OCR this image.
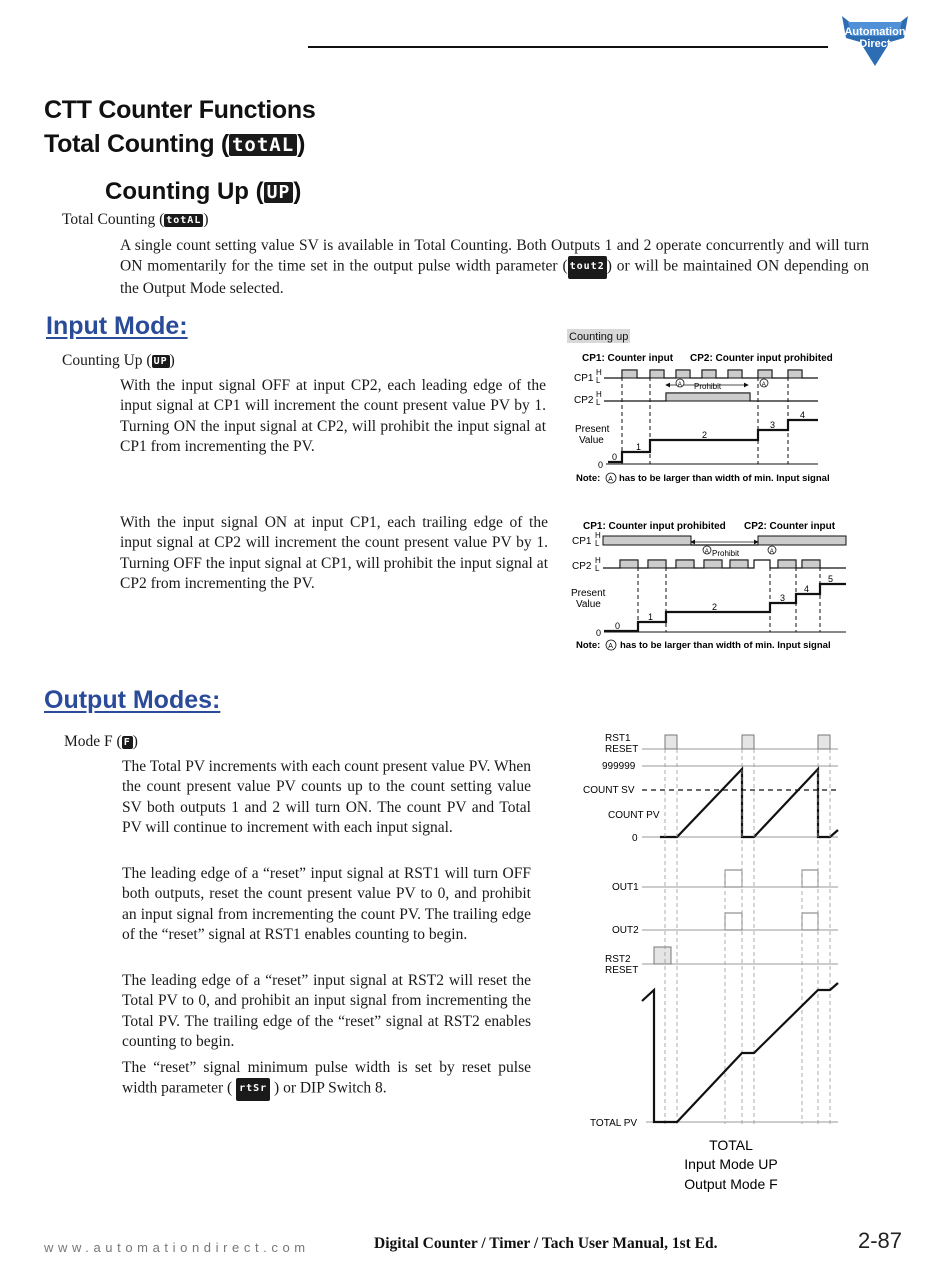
Automation
Direct
CTT Counter Functions
Total Counting ( totAL )
Counting Up ( UP )
Total Counting ( totAL )
A single count setting value SV is available in Total Counting. Both Outputs 1 and 2 operate concurrently and will turn ON momentarily for the time set in the output pulse width parameter ( tout2 ) or will be maintained ON depending on the Output Mode selected.
Input Mode:
Counting Up ( UP )
With the input signal OFF at input CP2, each leading edge of the input signal at CP1 will increment the count present value PV by 1. Turning ON the input signal at CP2, will prohibit the input signal at CP1 from incrementing the PV.
With the input signal ON at input CP1, each trailing edge of the input signal at CP2 will increment the count present value PV by 1. Turning OFF the input signal at CP1, will prohibit the input signal at CP2 from incrementing the PV.
Counting up
CP1: Counter input CP2: Counter input prohibited
CP1
H
L
CP2
H
L
Prohibit
A	A
Present
Value
0
0
1
2
3
4
Note: A has to be larger than width of min. Input signal
CP1: Counter input prohibited CP2: Counter input
CP1
H
L
Prohibit
A	A
CP2
H
L
Present
Value
0
0
1
2
3
4
5
Note: A has to be larger than width of min. Input signal
Output Modes:
Mode F ( F )
The Total PV increments with each count present value PV. When the count present value PV counts up to the count setting value SV both outputs 1 and 2 will turn ON. The count PV and Total PV will continue to increment with each input signal.
The leading edge of a “reset” input signal at RST1 will turn OFF both outputs, reset the count present value PV to 0, and prohibit an input signal from incrementing the count PV. The trailing edge of the “reset” signal at RST1 enables counting to begin.
The leading edge of a “reset” input signal at RST2 will reset the Total PV to 0, and prohibit an input signal from incrementing the Total PV. The trailing edge of the “reset” signal at RST2 enables counting to begin.
The “reset” signal minimum pulse width is set by reset pulse width parameter ( rtSr ) or DIP Switch 8.
RST1
RESET
999999
COUNT SV
COUNT PV
0
OUT1
OUT2
RST2
RESET
TOTAL PV
TOTAL
Input Mode UP
Output Mode F
www.automationdirect.com	Digital Counter / Timer / Tach User Manual, 1st Ed.	2-87
